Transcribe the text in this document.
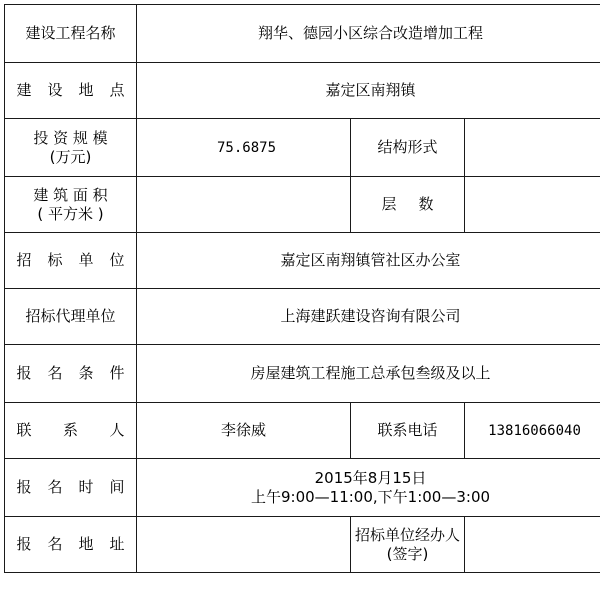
建设工程名称	翔华、德园小区综合改造增加工程		
建 设 地 点	嘉定区南翔镇		

投 资 规 模
(万元)	75.6875	结构形式	

建 筑 面 积
( 平方米 )		层 数	
招 标 单 位	嘉定区南翔镇管社区办公室		
招标代理单位	上海建跃建设咨询有限公司		
报 名 条 件	房屋建筑工程施工总承包叁级及以上		
联 系 人	李徐威	联系电话	13816066040
报 名 时 间	2015年8月15日
上午9:00—11:00,下午1:00—3:00		

报 名 地 址		招标单位经办人
(签字)	
